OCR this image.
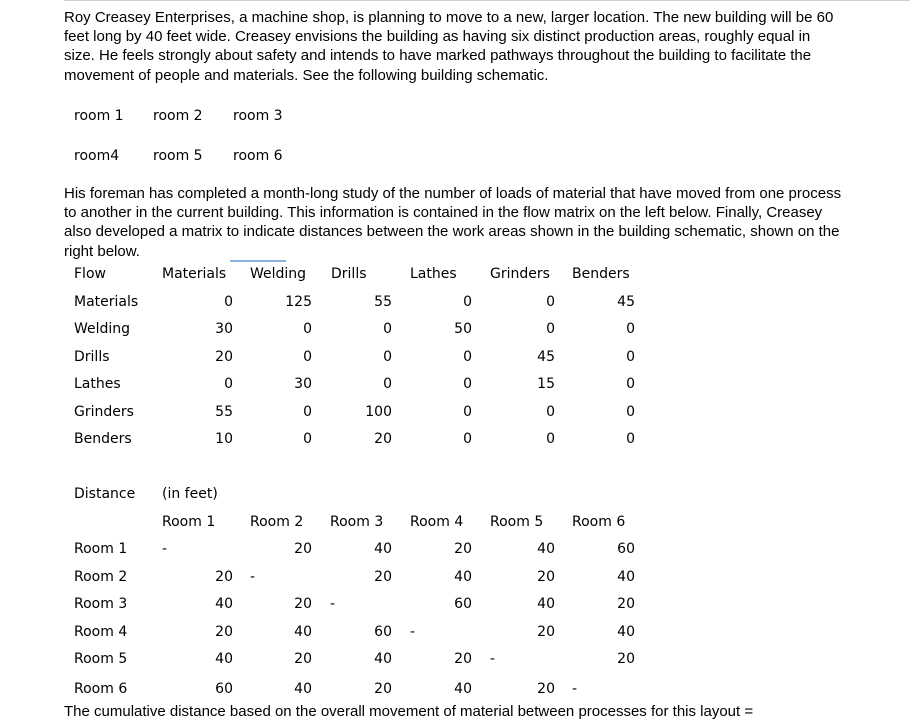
Roy Creasey Enterprises, a machine shop, is planning to move to a new, larger location. The new building will be 60 feet long by 40 feet wide. Creasey envisions the building as having six distinct production areas, roughly equal in size. He feels strongly about safety and intends to have marked pathways throughout the building to facilitate the movement of people and materials. See the following building schematic.
room 1 room 2 room 3
room4 room 5 room 6
His foreman has completed a month-long study of the number of loads of material that have moved from one process to another in the current building. This information is contained in the flow matrix on the left below. Finally, Creasey also developed a matrix to indicate distances between the work areas shown in the building schematic, shown on the right below.
Flow	Materials Welding Drills	Lathes Grinders Benders
Materials	0	125	55	0	0	45
Welding	30	0	0	50	0	0
Drills	20	0	0	0	45	0
Lathes	0	30	0	0	15	0
Grinders	55	0	100	0	0	0
Benders	10	0	20	0	0	0
Distance (in feet)
Room 1 Room 2 Room 3 Room 4 Room 5 Room 6
Room 1 -	20	40	20	40	60
Room 2	20 -	20	40	20	40
Room 3	40	20 -	60	40	20
Room 4	20	40	60 -	20	40
Room 5	40	20	40	20 -	20
Room 6	60	40	20	40	20 -
The cumulative distance based on the overall movement of material between processes for this layout =
